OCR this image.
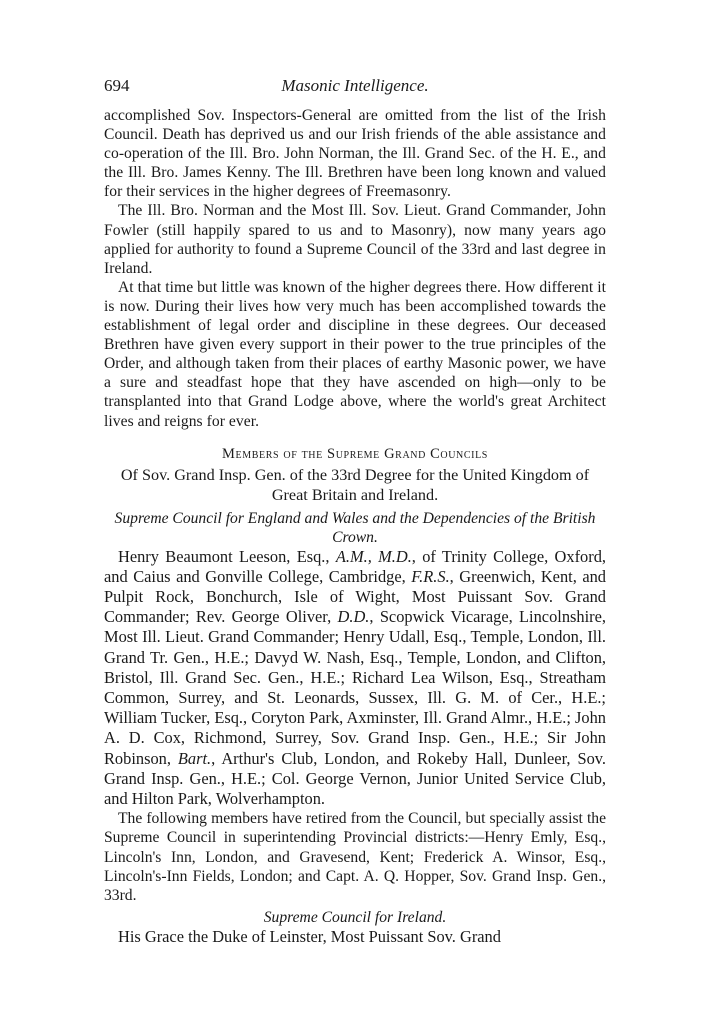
694	Masonic Intelligence.

accomplished Sov. Inspectors-General are omitted from the list of the Irish Council. Death has deprived us and our Irish friends of the able assistance and co-operation of the Ill. Bro. John Norman, the Ill. Grand Sec. of the H. E., and the Ill. Bro. James Kenny. The Ill. Brethren have been long known and valued for their services in the higher degrees of Freemasonry.

The Ill. Bro. Norman and the Most Ill. Sov. Lieut. Grand Commander, John Fowler (still happily spared to us and to Masonry), now many years ago applied for authority to found a Supreme Council of the 33rd and last degree in Ireland.

At that time but little was known of the higher degrees there. How different it is now. During their lives how very much has been accomplished towards the establishment of legal order and discipline in these degrees. Our deceased Brethren have given every support in their power to the true principles of the Order, and although taken from their places of earthy Masonic power, we have a sure and steadfast hope that they have ascended on high—only to be transplanted into that Grand Lodge above, where the world's great Architect lives and reigns for ever.

Members of the Supreme Grand Councils
Of Sov. Grand Insp. Gen. of the 33rd Degree for the United Kingdom of Great Britain and Ireland.
Supreme Council for England and Wales and the Dependencies of the British Crown.

Henry Beaumont Leeson, Esq., A.M., M.D., of Trinity College, Oxford, and Caius and Gonville College, Cambridge, F.R.S., Greenwich, Kent, and Pulpit Rock, Bonchurch, Isle of Wight, Most Puissant Sov. Grand Commander; Rev. George Oliver, D.D., Scopwick Vicarage, Lincolnshire, Most Ill. Lieut. Grand Commander; Henry Udall, Esq., Temple, London, Ill. Grand Tr. Gen., H.E.; Davyd W. Nash, Esq., Temple, London, and Clifton, Bristol, Ill. Grand Sec. Gen., H.E.; Richard Lea Wilson, Esq., Streatham Common, Surrey, and St. Leonards, Sussex, Ill. G. M. of Cer., H.E.; William Tucker, Esq., Coryton Park, Axminster, Ill. Grand Almr., H.E.; John A. D. Cox, Richmond, Surrey, Sov. Grand Insp. Gen., H.E.; Sir John Robinson, Bart., Arthur's Club, London, and Rokeby Hall, Dunleer, Sov. Grand Insp. Gen., H.E.; Col. George Vernon, Junior United Service Club, and Hilton Park, Wolverhampton.

The following members have retired from the Council, but specially assist the Supreme Council in superintending Provincial districts:—Henry Emly, Esq., Lincoln's Inn, London, and Gravesend, Kent; Frederick A. Winsor, Esq., Lincoln's-Inn Fields, London; and Capt. A. Q. Hopper, Sov. Grand Insp. Gen., 33rd.

Supreme Council for Ireland.

His Grace the Duke of Leinster, Most Puissant Sov. Grand
